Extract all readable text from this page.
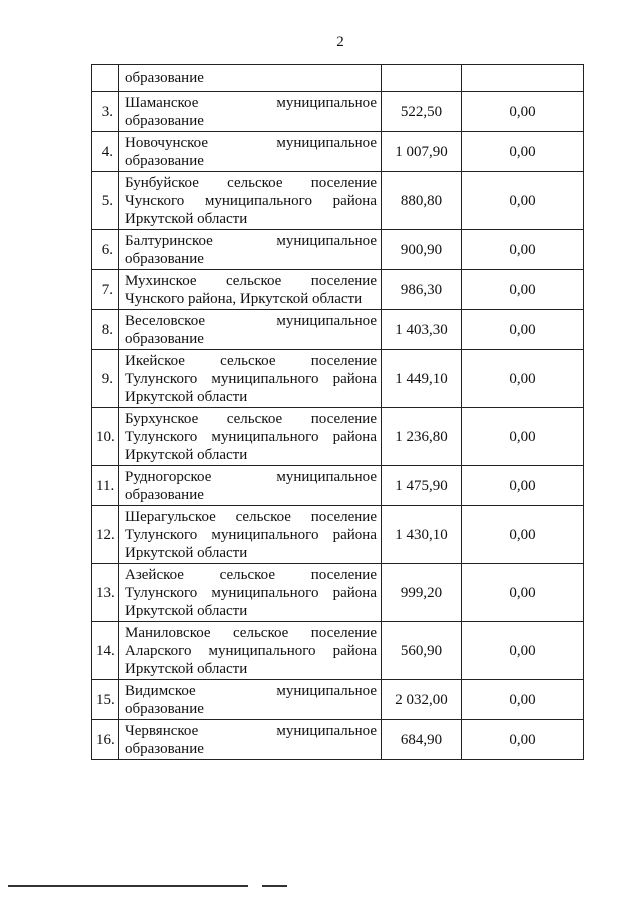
2

	образование		

3.	Шаманское муниципальное
образование	522,50	0,00
4.	Новочунское муниципальное
образование	1 007,90	0,00
5.	Бунбуйское сельское поселение
Чунского муниципального района
Иркутской области	880,80	0,00
6.	Балтуринское муниципальное
образование	900,90	0,00
7.	Мухинское сельское поселение
Чунского района, Иркутской области	986,30	0,00
8.	Веселовское муниципальное
образование	1 403,30	0,00
9.	Икейское сельское поселение
Тулунского муниципального района
Иркутской области	1 449,10	0,00
10.	Бурхунское сельское поселение
Тулунского муниципального района
Иркутской области	1 236,80	0,00
11.	Рудногорское муниципальное
образование	1 475,90	0,00
12.	Шерагульское сельское поселение
Тулунского муниципального района
Иркутской области	1 430,10	0,00
13.	Азейское сельское поселение
Тулунского муниципального района
Иркутской области	999,20	0,00
14.	Маниловское сельское поселение
Аларского муниципального района
Иркутской области	560,90	0,00
15.	Видимское муниципальное
образование	2 032,00	0,00
16.	Червянское муниципальное
образование	684,90	0,00
